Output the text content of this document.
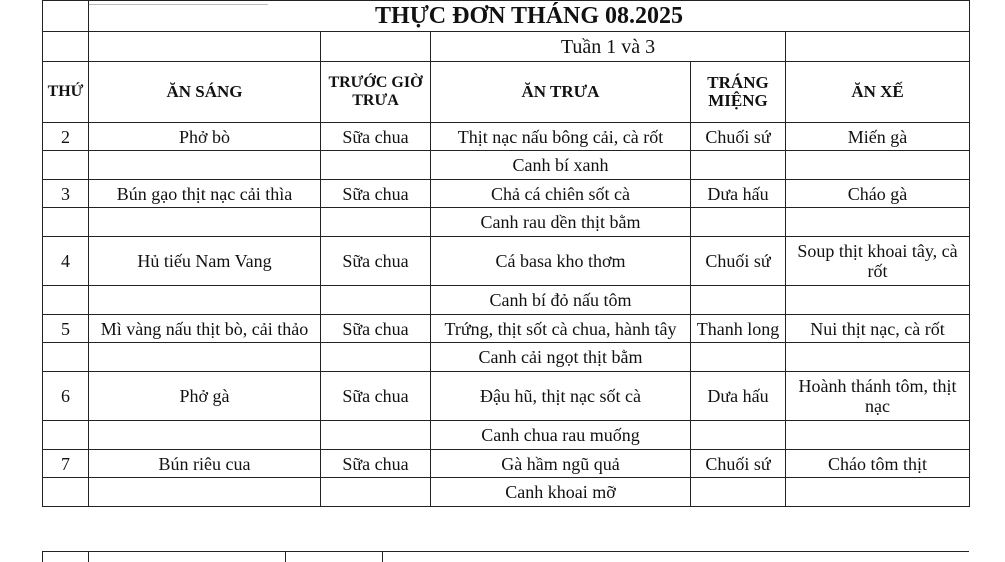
	THỰC ĐƠN THÁNG 08.2025				
			Tuần 1 và 3		
THỨ	ĂN SÁNG	TRƯỚC GIỜ TRƯA	ĂN TRƯA	TRÁNG MIỆNG	ĂN XẾ
2	Phở bò	Sữa chua	Thịt nạc nấu bông cải, cà rốt	Chuối sứ	Miến gà
			Canh bí xanh		
3	Bún gạo thịt nạc cải thìa	Sữa chua	Chả cá chiên sốt cà	Dưa hấu	Cháo gà
			Canh rau dền thịt bằm		
4	Hủ tiếu Nam Vang	Sữa chua	Cá basa kho thơm	Chuối sứ	Soup thịt khoai tây, cà rốt
			Canh bí đỏ nấu tôm		
5	Mì vàng nấu thịt bò, cải thảo	Sữa chua	Trứng, thịt sốt cà chua, hành tây	Thanh long	Nui thịt nạc, cà rốt
			Canh cải ngọt thịt bằm		
6	Phở gà	Sữa chua	Đậu hũ, thịt nạc sốt cà	Dưa hấu	Hoành thánh tôm, thịt nạc
			Canh chua rau muống		
7	Bún riêu cua	Sữa chua	Gà hầm ngũ quả	Chuối sứ	Cháo tôm thịt
			Canh khoai mỡ		
